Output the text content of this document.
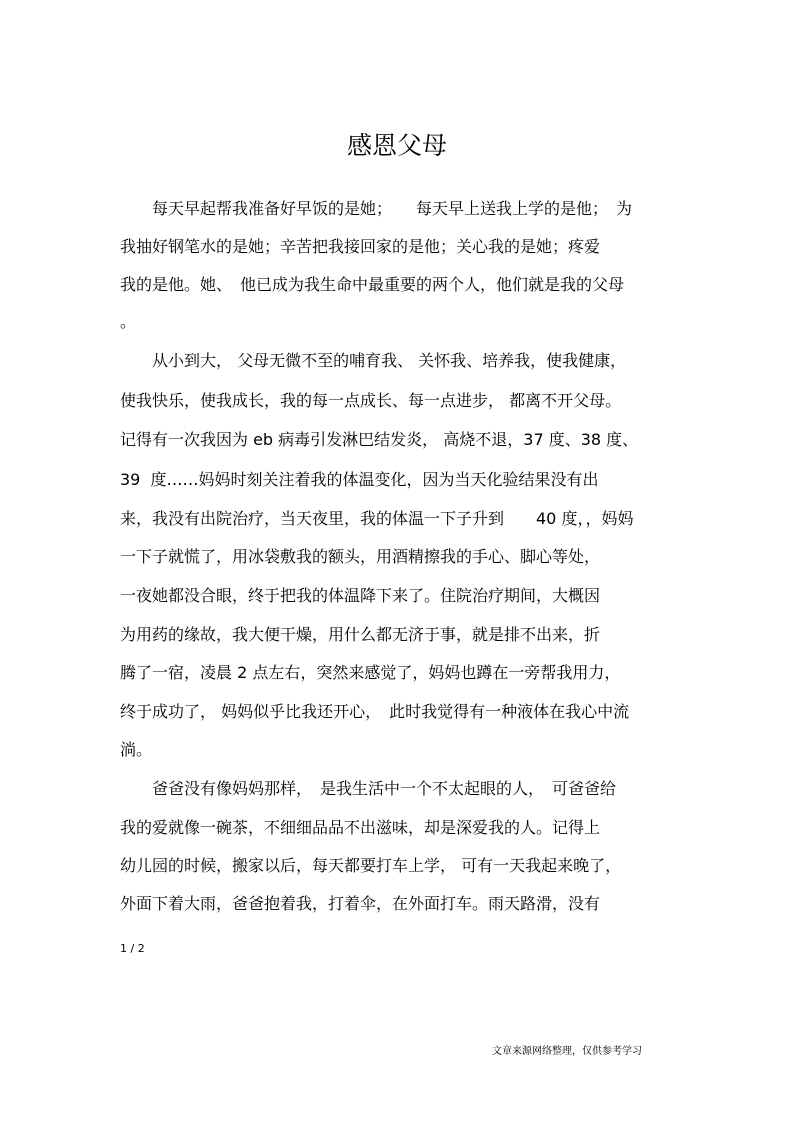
感恩父母
每天早起帮我准备好早饭的是她；　　每天早上送我上学的是他；　为
我抽好钢笔水的是她；辛苦把我接回家的是他；关心我的是她；疼爱
我的是他。她、　他已成为我生命中最重要的两个人，他们就是我的父母
。
从小到大， 父母无微不至的哺育我、 关怀我、培养我，使我健康，
使我快乐，使我成长，我的每一点成长、每一点进步， 都离不开父母。
记得有一次我因为 eb 病毒引发淋巴结发炎， 高烧不退，37 度、38 度、
39  度……妈妈时刻关注着我的体温变化，因为当天化验结果没有出
来，我没有出院治疗，当天夜里，我的体温一下子升到　　40 度，，妈妈
一下子就慌了，用冰袋敷我的额头，用酒精擦我的手心、脚心等处，
一夜她都没合眼，终于把我的体温降下来了。住院治疗期间，大概因
为用药的缘故，我大便干燥，用什么都无济于事，就是排不出来，折
腾了一宿，凌晨 2 点左右，突然来感觉了，妈妈也蹲在一旁帮我用力，
终于成功了， 妈妈似乎比我还开心，　此时我觉得有一种液体在我心中流
淌。
爸爸没有像妈妈那样，　是我生活中一个不太起眼的人，　可爸爸给
我的爱就像一碗茶，不细细品品不出滋味，却是深爱我的人。记得上
幼儿园的时候，搬家以后，每天都要打车上学， 可有一天我起来晚了，
外面下着大雨，爸爸抱着我，打着伞，在外面打车。雨天路滑，没有
1 / 2
文章来源网络整理，仅供参考学习
